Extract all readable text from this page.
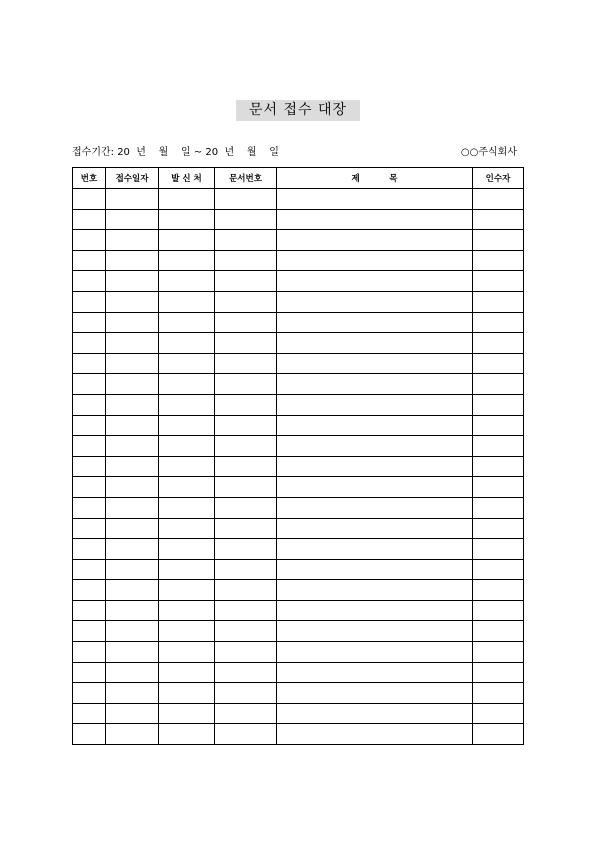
문서 접수 대장
접수기간: 20  년    월    일 ~ 20  년    월    일	○○주식회사
번호	접수일자	발 신 처	문서번호	제          목	인수자
